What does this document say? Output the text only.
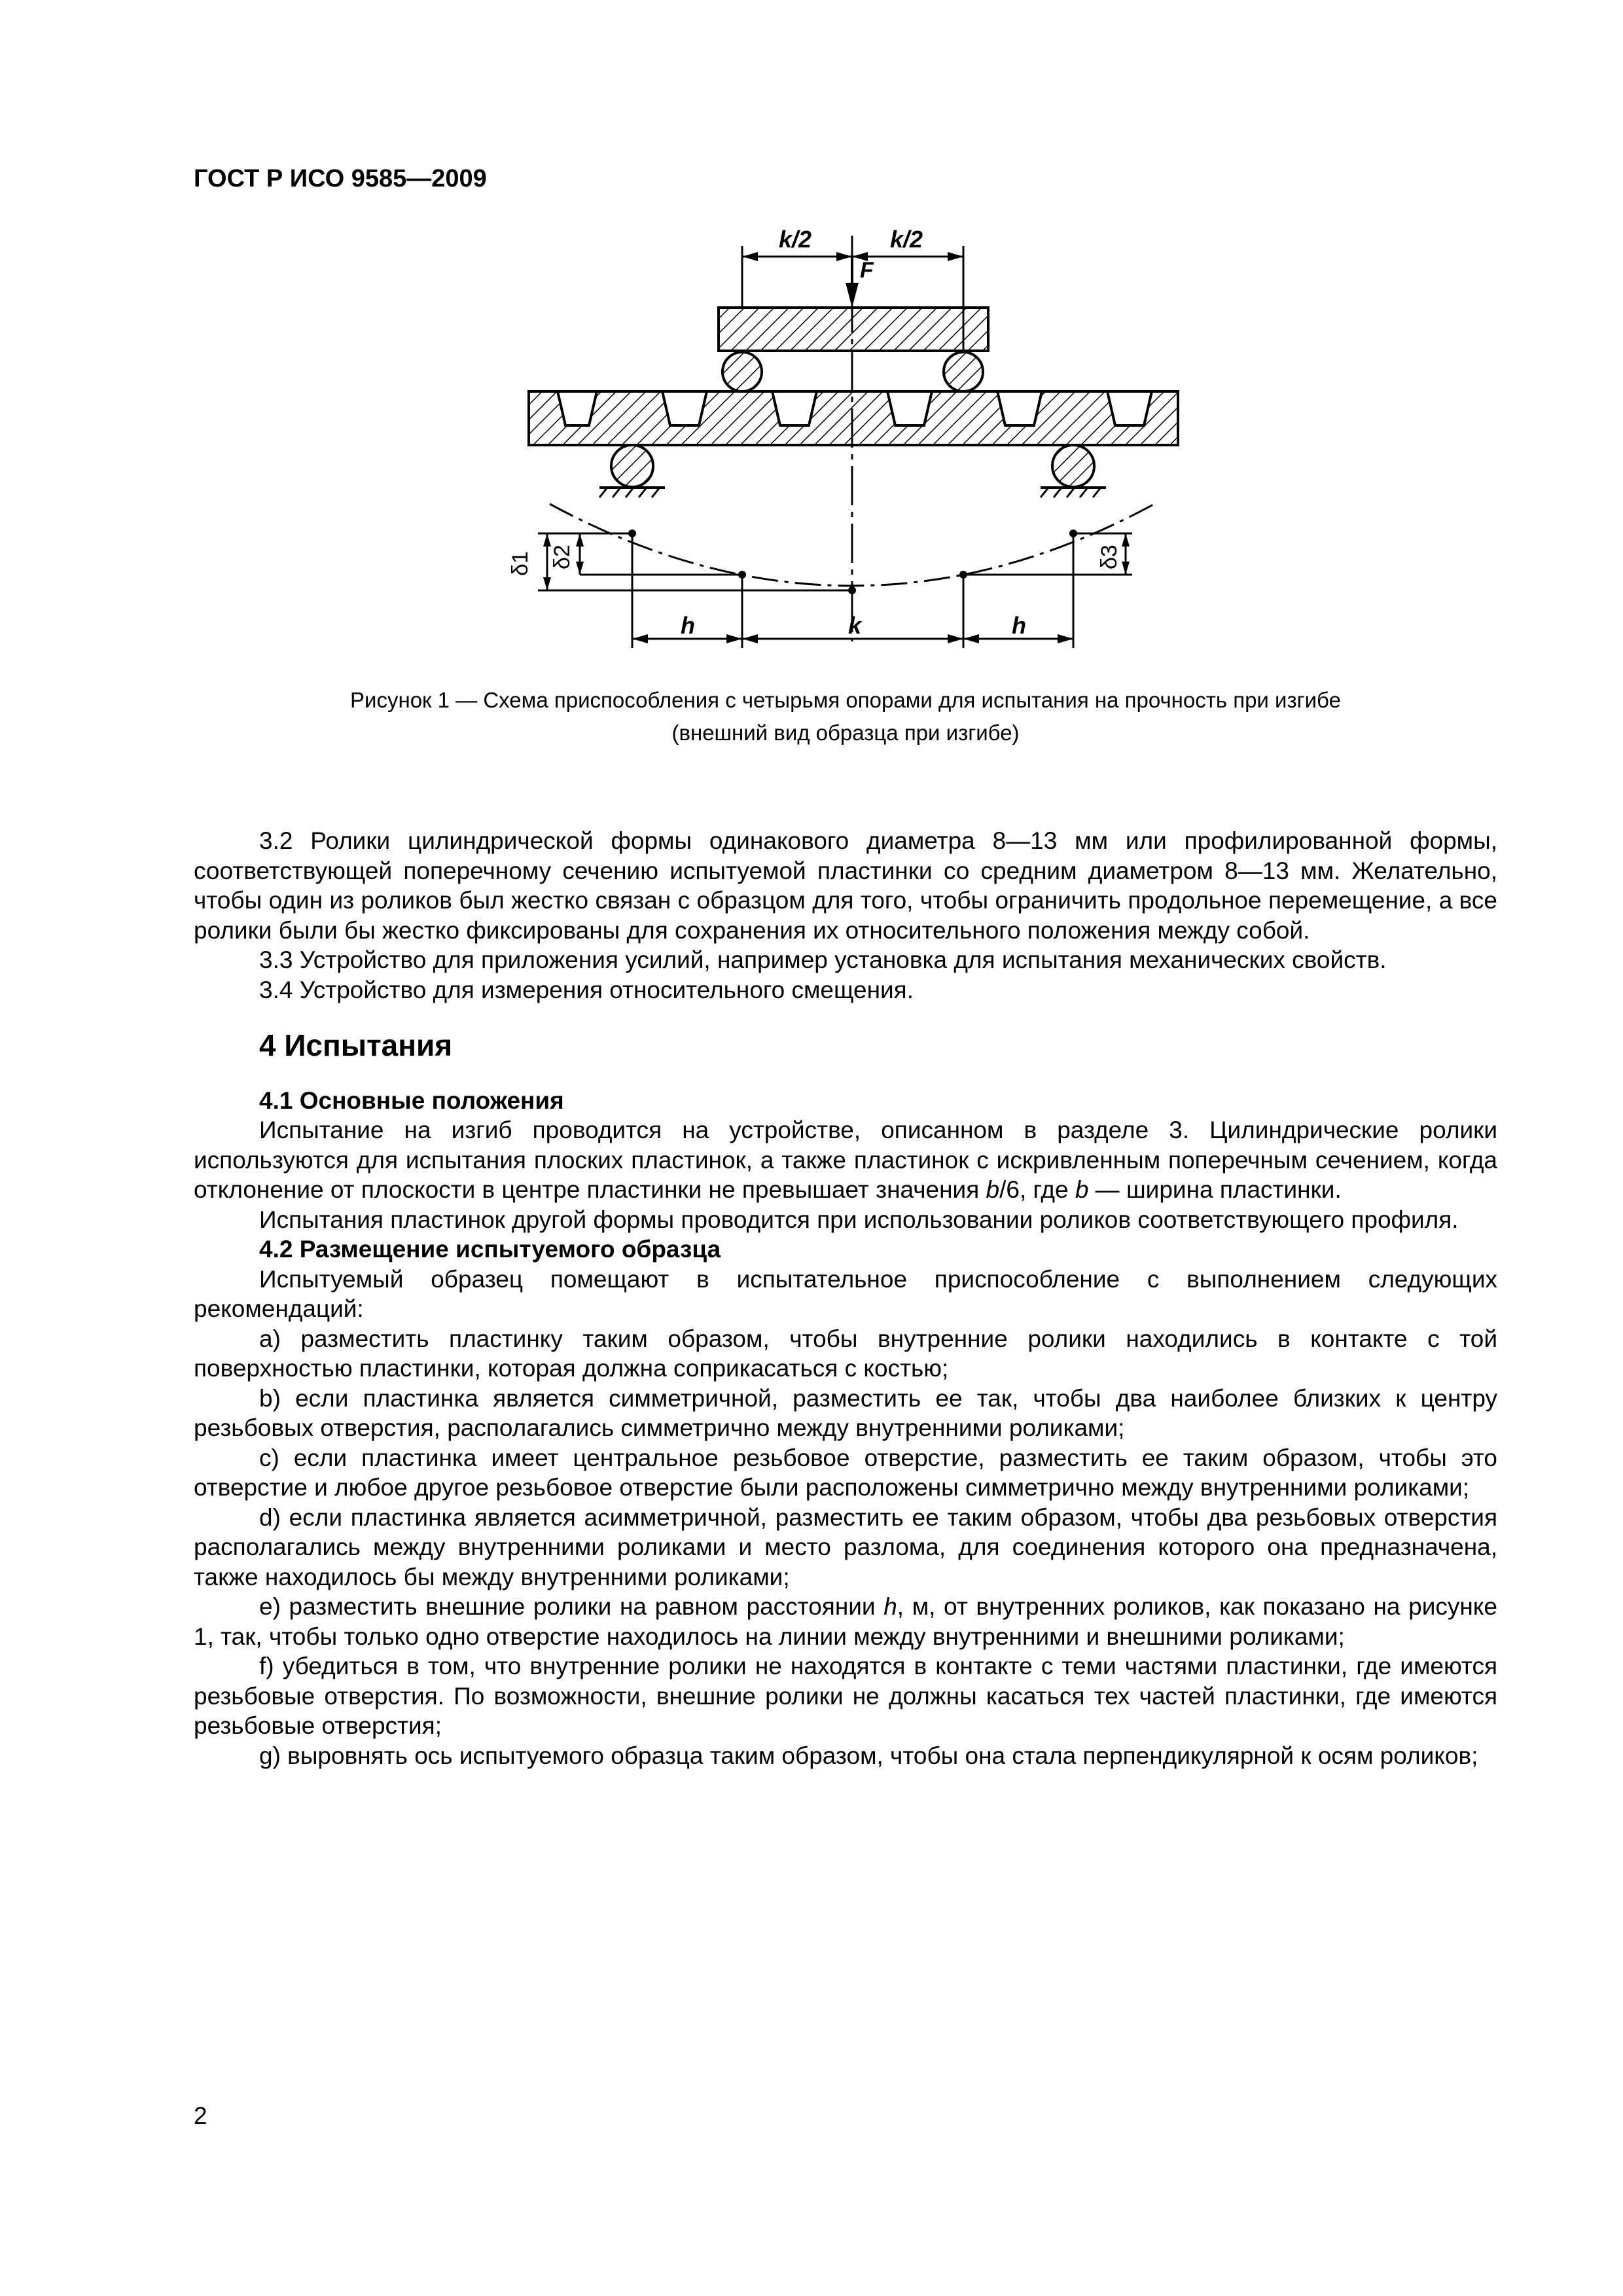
ГОСТ Р ИСО 9585—2009
k/2	k/2
F
δ1 δ2	δ3
h	k	h
Рисунок 1 — Схема приспособления с четырьмя опорами для испытания на прочность при изгибе
(внешний вид образца при изгибе)

3.2 Ролики цилиндрической формы одинакового диаметра 8—13 мм или профилированной формы, соответствующей поперечному сечению испытуемой пластинки со средним диаметром 8—13 мм. Желательно, чтобы один из роликов был жестко связан с образцом для того, чтобы ограничить продольное перемещение, а все ролики были бы жестко фиксированы для сохранения их относительного положения между собой.

3.3 Устройство для приложения усилий, например установка для испытания механических свойств.

3.4 Устройство для измерения относительного смещения.

4 Испытания
4.1 Основные положения

Испытание на изгиб проводится на устройстве, описанном в разделе 3. Цилиндрические ролики используются для испытания плоских пластинок, а также пластинок с искривленным поперечным сечением, когда отклонение от плоскости в центре пластинки не превышает значения b/6, где b — ширина пластинки.

Испытания пластинок другой формы проводится при использовании роликов соответствующего профиля.

4.2 Размещение испытуемого образца

Испытуемый образец помещают в испытательное приспособление с выполнением следующих рекомендаций:

а) разместить пластинку таким образом, чтобы внутренние ролики находились в контакте с той поверхностью пластинки, которая должна соприкасаться с костью;

b) если пластинка является симметричной, разместить ее так, чтобы два наиболее близких к центру резьбовых отверстия, располагались симметрично между внутренними роликами;

с) если пластинка имеет центральное резьбовое отверстие, разместить ее таким образом, чтобы это отверстие и любое другое резьбовое отверстие были расположены симметрично между внутренними роликами;

d) если пластинка является асимметричной, разместить ее таким образом, чтобы два резьбовых отверстия располагались между внутренними роликами и место разлома, для соединения которого она предназначена, также находилось бы между внутренними роликами;

е) разместить внешние ролики на равном расстоянии h, м, от внутренних роликов, как показано на рисунке 1, так, чтобы только одно отверстие находилось на линии между внутренними и внешними роликами;

f) убедиться в том, что внутренние ролики не находятся в контакте с теми частями пластинки, где имеются резьбовые отверстия. По возможности, внешние ролики не должны касаться тех частей пластинки, где имеются резьбовые отверстия;

g) выровнять ось испытуемого образца таким образом, чтобы она стала перпендикулярной к осям роликов;

2
